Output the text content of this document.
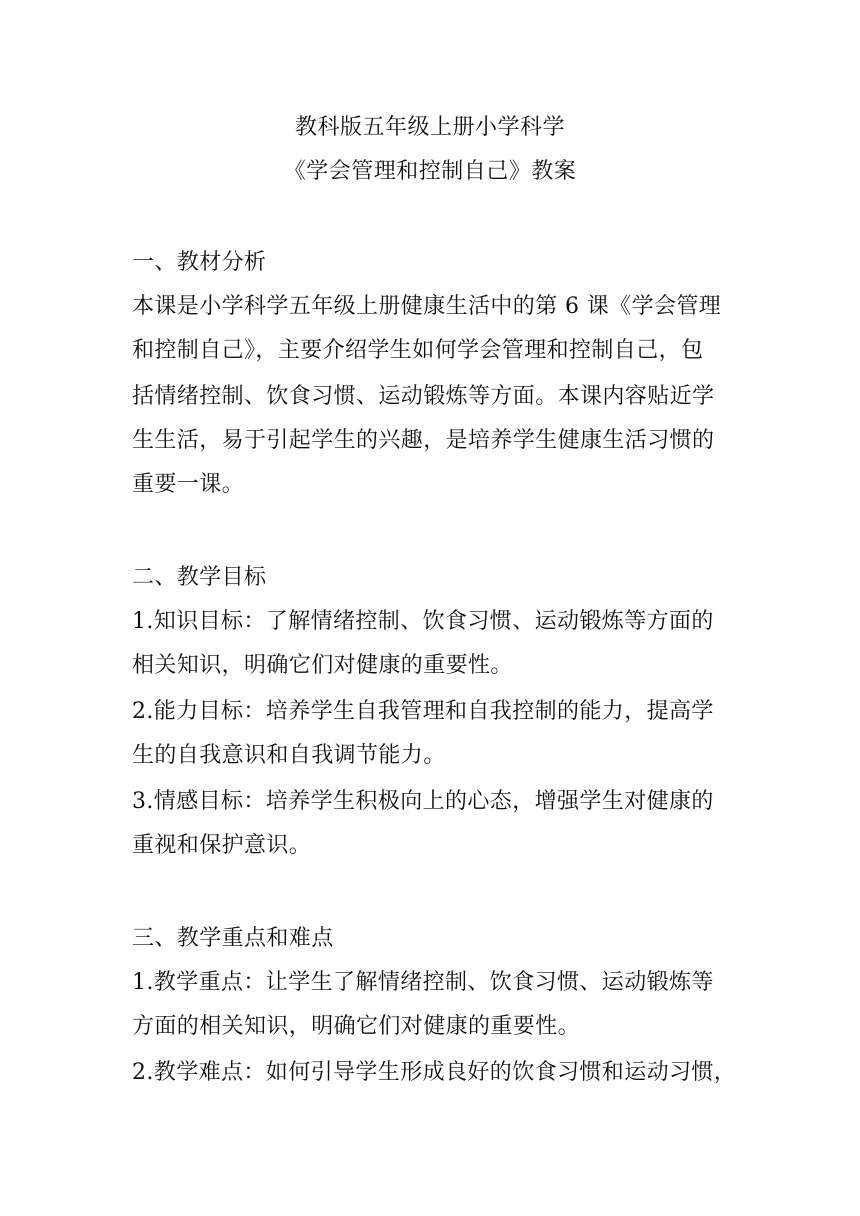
教科版五年级上册小学科学
《学会管理和控制自己》教案
一、教材分析
本课是小学科学五年级上册健康生活中的第 6 课《学会管理
和控制自己》，主要介绍学生如何学会管理和控制自己，包
括情绪控制、饮食习惯、运动锻炼等方面。本课内容贴近学
生生活，易于引起学生的兴趣，是培养学生健康生活习惯的
重要一课。
二、教学目标
1.知识目标：了解情绪控制、饮食习惯、运动锻炼等方面的
相关知识，明确它们对健康的重要性。
2.能力目标：培养学生自我管理和自我控制的能力，提高学
生的自我意识和自我调节能力。
3.情感目标：培养学生积极向上的心态，增强学生对健康的
重视和保护意识。
三、教学重点和难点
1.教学重点：让学生了解情绪控制、饮食习惯、运动锻炼等
方面的相关知识，明确它们对健康的重要性。
2.教学难点：如何引导学生形成良好的饮食习惯和运动习惯，
